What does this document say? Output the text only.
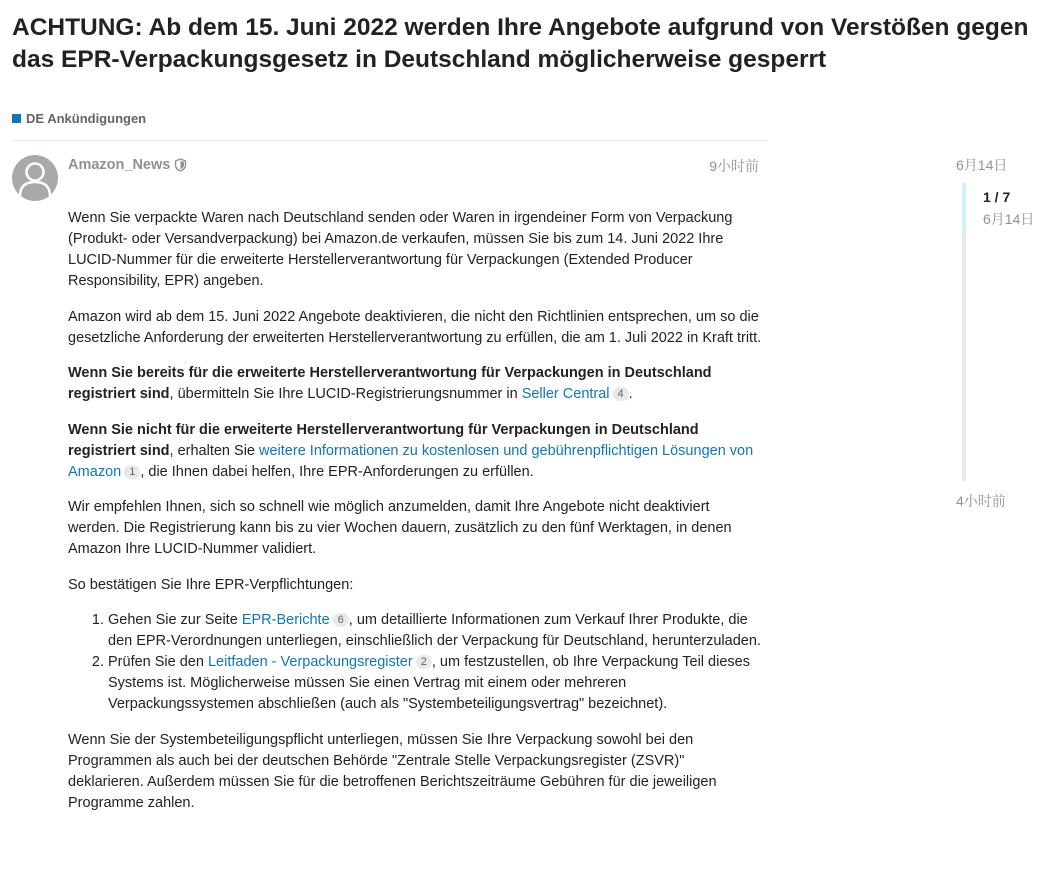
ACHTUNG: Ab dem 15. Juni 2022 werden Ihre Angebote aufgrund von Verstößen gegen das EPR-Verpackungsgesetz in Deutschland möglicherweise gesperrt
DE Ankündigungen
Amazon_News	9小时前

Wenn Sie verpackte Waren nach Deutschland senden oder Waren in irgendeiner Form von Verpackung (Produkt- oder Versandverpackung) bei Amazon.de verkaufen, müssen Sie bis zum 14. Juni 2022 Ihre LUCID-Nummer für die erweiterte Herstellerverantwortung für Verpackungen (Extended Producer Responsibility, EPR) angeben.

Amazon wird ab dem 15. Juni 2022 Angebote deaktivieren, die nicht den Richtlinien entsprechen, um so die gesetzliche Anforderung der erweiterten Herstellerverantwortung zu erfüllen, die am 1. Juli 2022 in Kraft tritt.

Wenn Sie bereits für die erweiterte Herstellerverantwortung für Verpackungen in Deutschland registriert sind, übermitteln Sie Ihre LUCID-Registrierungsnummer in Seller Central 4 .

Wenn Sie nicht für die erweiterte Herstellerverantwortung für Verpackungen in Deutschland registriert sind, erhalten Sie weitere Informationen zu kostenlosen und gebührenpflichtigen Lösungen von Amazon 1 , die Ihnen dabei helfen, Ihre EPR-Anforderungen zu erfüllen.

Wir empfehlen Ihnen, sich so schnell wie möglich anzumelden, damit Ihre Angebote nicht deaktiviert werden. Die Registrierung kann bis zu vier Wochen dauern, zusätzlich zu den fünf Werktagen, in denen Amazon Ihre LUCID-Nummer validiert.

So bestätigen Sie Ihre EPR-Verpflichtungen:

1. Gehen Sie zur Seite EPR-Berichte 6 , um detaillierte Informationen zum Verkauf Ihrer Produkte, die den EPR-Verordnungen unterliegen, einschließlich der Verpackung für Deutschland, herunterzuladen.
2. Prüfen Sie den Leitfaden - Verpackungsregister 2 , um festzustellen, ob Ihre Verpackung Teil dieses Systems ist. Möglicherweise müssen Sie einen Vertrag mit einem oder mehreren Verpackungssystemen abschließen (auch als "Systembeteiligungsvertrag" bezeichnet).

Wenn Sie der Systembeteiligungspflicht unterliegen, müssen Sie Ihre Verpackung sowohl bei den Programmen als auch bei der deutschen Behörde "Zentrale Stelle Verpackungsregister (ZSVR)" deklarieren. Außerdem müssen Sie für die betroffenen Berichtszeiträume Gebühren für die jeweiligen Programme zahlen.

6月14日
1 / 7
6月14日
4小时前
